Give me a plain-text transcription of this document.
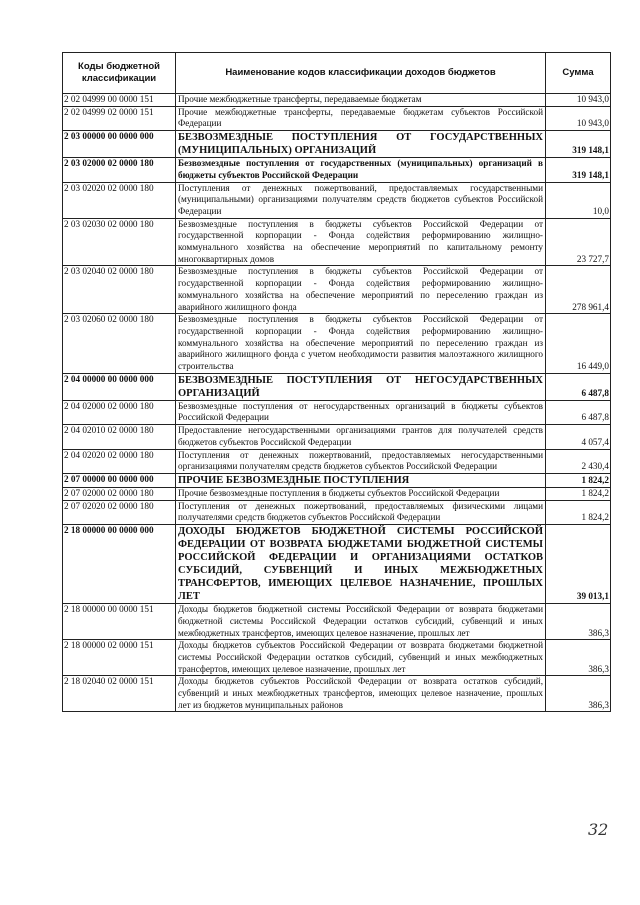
Коды бюджетной классификации	Наименование кодов классификации доходов бюджетов	Сумма
2 02 04999 00 0000 151	Прочие межбюджетные трансферты, передаваемые бюджетам	10 943,0
2 02 04999 02 0000 151	Прочие межбюджетные трансферты, передаваемые бюджетам субъектов Российской Федерации	10 943,0
2 03 00000 00 0000 000	БЕЗВОЗМЕЗДНЫЕ ПОСТУПЛЕНИЯ ОТ ГОСУДАРСТВЕННЫХ (МУНИЦИПАЛЬНЫХ) ОРГАНИЗАЦИЙ	319 148,1
2 03 02000 02 0000 180	Безвозмездные поступления от государственных (муниципальных) организаций в бюджеты субъектов Российской Федерации	319 148,1
2 03 02020 02 0000 180	Поступления от денежных пожертвований, предоставляемых государственными (муниципальными) организациями получателям средств бюджетов субъектов Российской Федерации	10,0
2 03 02030 02 0000 180	Безвозмездные поступления в бюджеты субъектов Российской Федерации от государственной корпорации - Фонда содействия реформированию жилищно-коммунального хозяйства на обеспечение мероприятий по капитальному ремонту многоквартирных домов	23 727,7
2 03 02040 02 0000 180	Безвозмездные поступления в бюджеты субъектов Российской Федерации от государственной корпорации - Фонда содействия реформированию жилищно-коммунального хозяйства на обеспечение мероприятий по переселению граждан из аварийного жилищного фонда	278 961,4
2 03 02060 02 0000 180	Безвозмездные поступления в бюджеты субъектов Российской Федерации от государственной корпорации - Фонда содействия реформированию жилищно-коммунального хозяйства на обеспечение мероприятий по переселению граждан из аварийного жилищного фонда с учетом необходимости развития малоэтажного жилищного строительства	16 449,0
2 04 00000 00 0000 000	БЕЗВОЗМЕЗДНЫЕ ПОСТУПЛЕНИЯ ОТ НЕГОСУДАРСТВЕННЫХ ОРГАНИЗАЦИЙ	6 487,8
2 04 02000 02 0000 180	Безвозмездные поступления от негосударственных организаций в бюджеты субъектов Российской Федерации	6 487,8
2 04 02010 02 0000 180	Предоставление негосударственными организациями грантов для получателей средств бюджетов субъектов Российской Федерации	4 057,4
2 04 02020 02 0000 180	Поступления от денежных пожертвований, предоставляемых негосударственными организациями получателям средств бюджетов субъектов Российской Федерации	2 430,4
2 07 00000 00 0000 000	ПРОЧИЕ БЕЗВОЗМЕЗДНЫЕ ПОСТУПЛЕНИЯ	1 824,2
2 07 02000 02 0000 180	Прочие безвозмездные поступления в бюджеты субъектов Российской Федерации	1 824,2
2 07 02020 02 0000 180	Поступления от денежных пожертвований, предоставляемых физическими лицами получателями средств бюджетов субъектов Российской Федерации	1 824,2
2 18 00000 00 0000 000	ДОХОДЫ БЮДЖЕТОВ БЮДЖЕТНОЙ СИСТЕМЫ РОССИЙСКОЙ ФЕДЕРАЦИИ ОТ ВОЗВРАТА БЮДЖЕТАМИ БЮДЖЕТНОЙ СИСТЕМЫ РОССИЙСКОЙ ФЕДЕРАЦИИ И ОРГАНИЗАЦИЯМИ ОСТАТКОВ СУБСИДИЙ, СУБВЕНЦИЙ И ИНЫХ МЕЖБЮДЖЕТНЫХ ТРАНСФЕРТОВ, ИМЕЮЩИХ ЦЕЛЕВОЕ НАЗНАЧЕНИЕ, ПРОШЛЫХ ЛЕТ	39 013,1
2 18 00000 00 0000 151	Доходы бюджетов бюджетной системы Российской Федерации от возврата бюджетами бюджетной системы Российской Федерации остатков субсидий, субвенций и иных межбюджетных трансфертов, имеющих целевое назначение, прошлых лет	386,3
2 18 00000 02 0000 151	Доходы бюджетов субъектов Российской Федерации от возврата бюджетами бюджетной системы Российской Федерации остатков субсидий, субвенций и иных межбюджетных трансфертов, имеющих целевое назначение, прошлых лет	386,3
2 18 02040 02 0000 151	Доходы бюджетов субъектов Российской Федерации от возврата остатков субсидий, субвенций и иных межбюджетных трансфертов, имеющих целевое назначение, прошлых лет из бюджетов муниципальных районов	386,3
32
